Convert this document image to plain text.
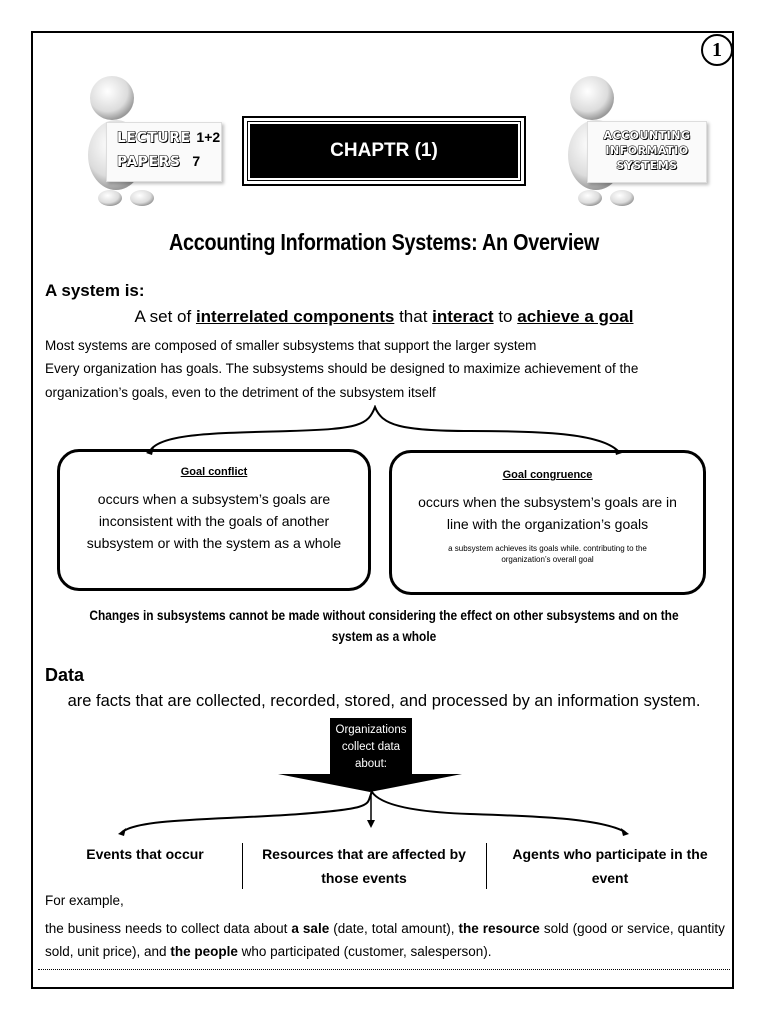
1
LECTURE 1+2
PAPERS 7	CHAPTR (1)
ACCOUNTING
INFORMATIO
SYSTEMS
Accounting Information Systems: An Overview
A system is:
A set of interrelated components that interact to achieve a goal
Most systems are composed of smaller subsystems that support the larger system
Every organization has goals. The subsystems should be designed to maximize achievement of the
organization’s goals, even to the detriment of the subsystem itself
Goal conflict
occurs when a subsystem’s goals are
inconsistent with the goals of another
subsystem or with the system as a whole
Goal congruence
occurs when the subsystem’s goals are in
line with the organization’s goals
a subsystem achieves its goals while. contributing to the
organization’s overall goal
Changes in subsystems cannot be made without considering the effect on other subsystems and on the
system as a whole
Data
are facts that are collected, recorded, stored, and processed by an information system.
Organizations
collect data
about:
Events that occur	Resources that are affected by
those events
Agents who participate in the
event
For example,
the business needs to collect data about a sale (date, total amount), the resource sold (good or service, quantity sold, unit price), and the people who participated (customer, salesperson).
